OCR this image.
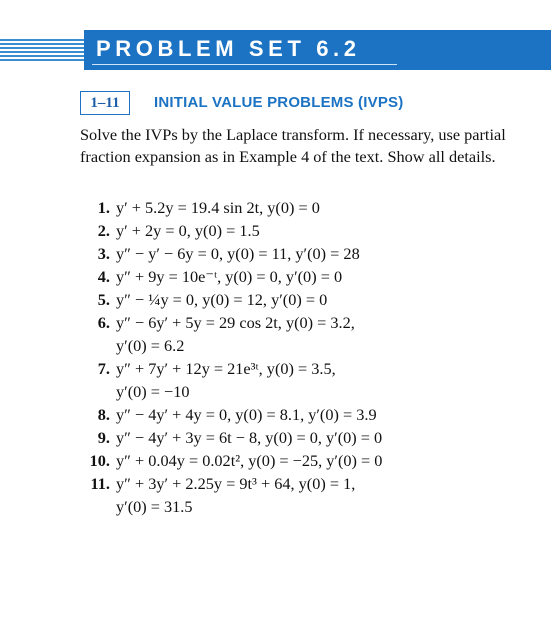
PROBLEM SET 6.2
1–11	INITIAL VALUE PROBLEMS (IVPS)
Solve the IVPs by the Laplace transform. If necessary, use partial fraction expansion as in Example 4 of the text. Show all details.
1. y′ + 5.2y = 19.4 sin 2t, y(0) = 0
2. y′ + 2y = 0, y(0) = 1.5
3. y″ − y′ − 6y = 0, y(0) = 11, y′(0) = 28
4. y″ + 9y = 10e⁻ᵗ, y(0) = 0, y′(0) = 0
5. y″ − ¼y = 0, y(0) = 12, y′(0) = 0
6. y″ − 6y′ + 5y = 29 cos 2t, y(0) = 3.2,
y′(0) = 6.2
7. y″ + 7y′ + 12y = 21e³ᵗ, y(0) = 3.5,
y′(0) = −10
8. y″ − 4y′ + 4y = 0, y(0) = 8.1, y′(0) = 3.9
9. y″ − 4y′ + 3y = 6t − 8, y(0) = 0, y′(0) = 0
10. y″ + 0.04y = 0.02t², y(0) = −25, y′(0) = 0
11. y″ + 3y′ + 2.25y = 9t³ + 64, y(0) = 1,
y′(0) = 31.5
